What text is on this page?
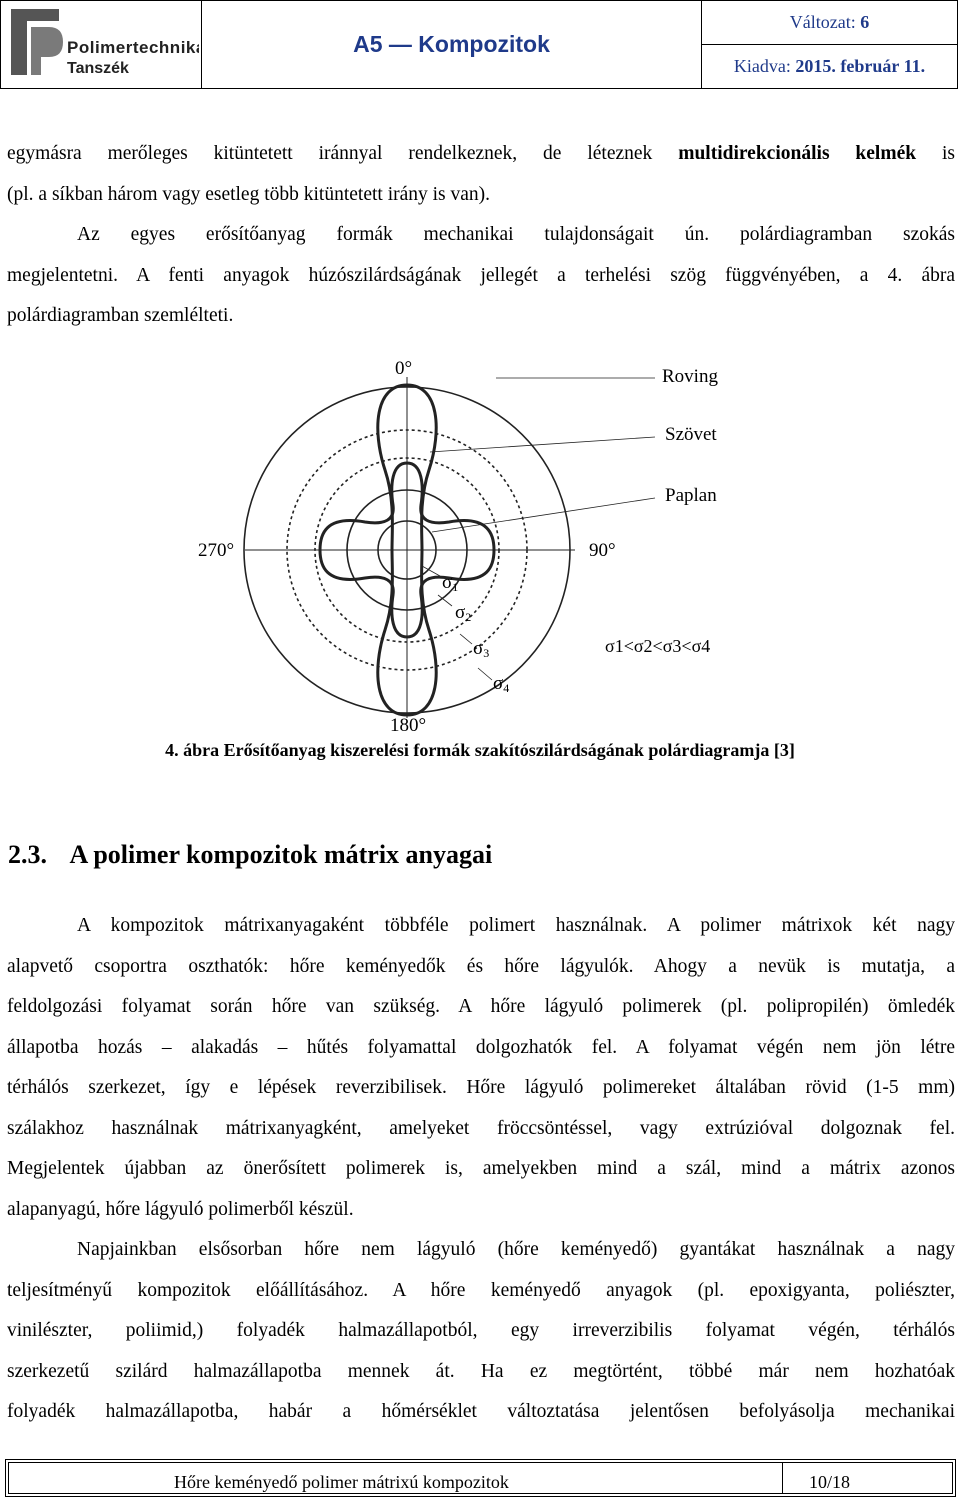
Polimertechnika
Tanszék
	A5 — Kompozitok	Változat: 6
Kiadva: 2015. február 11.
egymásra merőleges kitüntetett iránnyal rendelkeznek, de léteznek multidirekcionális kelmék is
(pl. a síkban három vagy esetleg több kitüntetett irány is van).
Az egyes erősítőanyag formák mechanikai tulajdonságait ún. polárdiagramban szokás
megjelentetni. A fenti anyagok húzószilárdságának jellegét a terhelési szög függvényében, a 4. ábra
polárdiagramban szemlélteti.
0°
90°
180°
270°
Roving
Szövet
Paplan
σ1
σ2
σ3
σ4
σ1<σ2<σ3<σ4
4. ábra Erősítőanyag kiszerelési formák szakítószilárdságának polárdiagramja [3]
2.3. A polimer kompozitok mátrix anyagai
A kompozitok mátrixanyagaként többféle polimert használnak. A polimer mátrixok két nagy
alapvető csoportra oszthatók: hőre keményedők és hőre lágyulók. Ahogy a nevük is mutatja, a
feldolgozási folyamat során hőre van szükség. A hőre lágyuló polimerek (pl. polipropilén) ömledék
állapotba hozás – alakadás – hűtés folyamattal dolgozhatók fel. A folyamat végén nem jön létre
térhálós szerkezet, így e lépések reverzibilisek. Hőre lágyuló polimereket általában rövid (1-5 mm)
szálakhoz használnak mátrixanyagként, amelyeket fröccsöntéssel, vagy extrúzióval dolgoznak fel.
Megjelentek újabban az önerősített polimerek is, amelyekben mind a szál, mind a mátrix azonos
alapanyagú, hőre lágyuló polimerből készül.
Napjainkban elsősorban hőre nem lágyuló (hőre keményedő) gyantákat használnak a nagy
teljesítményű kompozitok előállításához. A hőre keményedő anyagok (pl. epoxigyanta, poliészter,
vinilészter, poliimid,) folyadék halmazállapotból, egy irreverzibilis folyamat végén, térhálós
szerkezetű szilárd halmazállapotba mennek át. Ha ez megtörtént, többé már nem hozhatóak
folyadék halmazállapotba, habár a hőmérséklet változtatása jelentősen befolyásolja mechanikai
Hőre keményedő polimer mátrixú kompozitok	10/18
